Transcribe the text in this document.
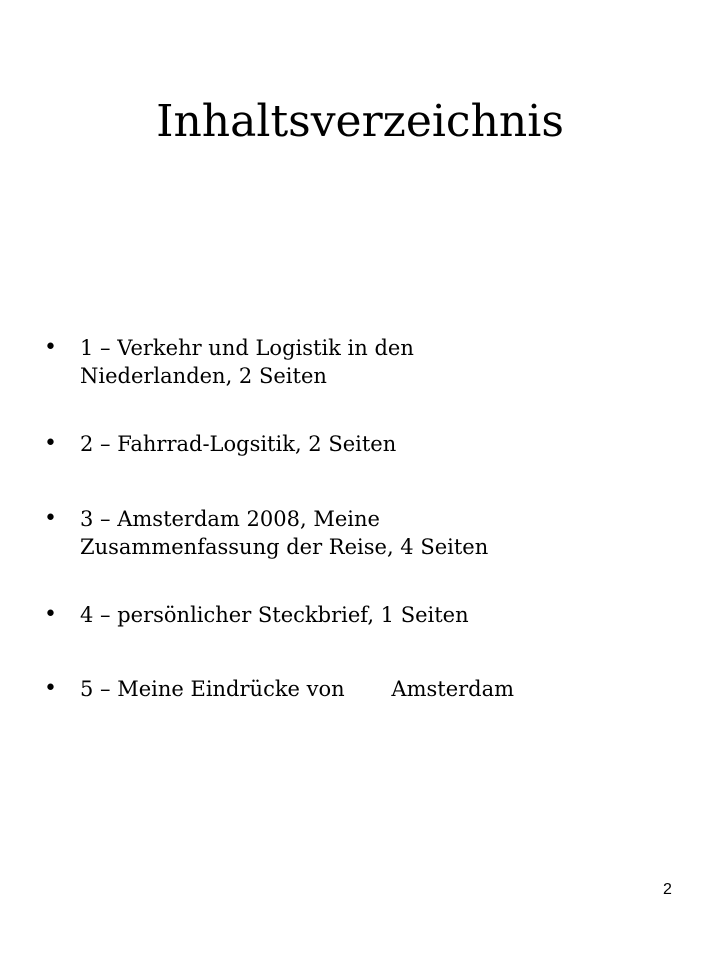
Inhaltsverzeichnis
• 1 – Verkehr und Logistik in den
Niederlanden, 2 Seiten
• 2 – Fahrrad-Logsitik, 2 Seiten
• 3 – Amsterdam 2008, Meine
Zusammenfassung der Reise, 4 Seiten
• 4 – persönlicher Steckbrief, 1 Seiten
• 5 – Meine Eindrücke von       Amsterdam
2
